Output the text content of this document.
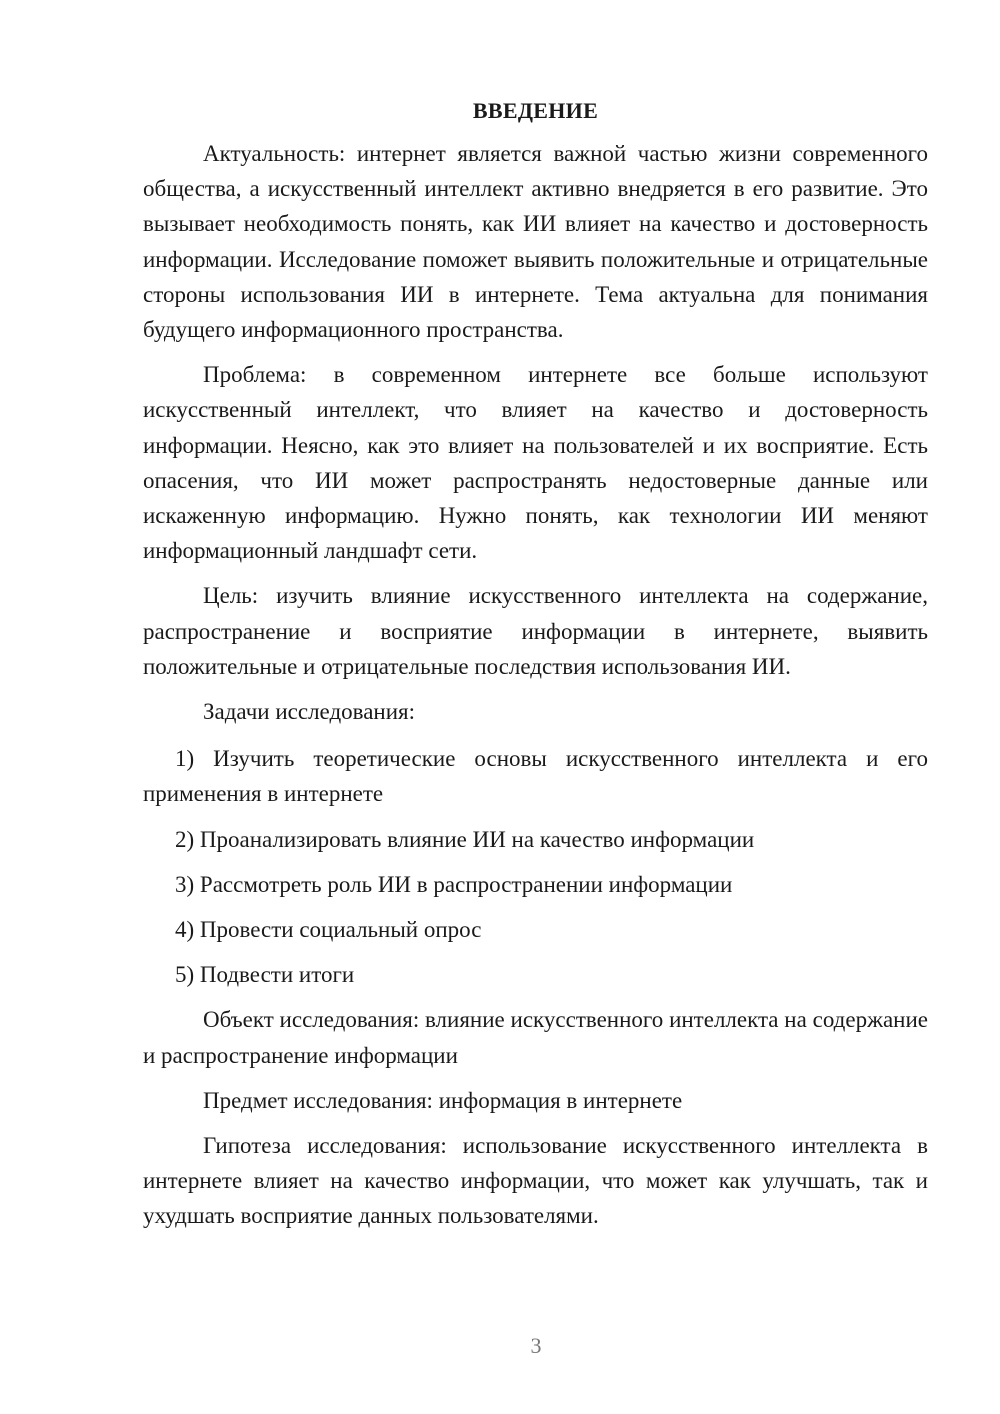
ВВЕДЕНИЕ

Актуальность: интернет является важной частью жизни современного общества, а искусственный интеллект активно внедряется в его развитие. Это вызывает необходимость понять, как ИИ влияет на качество и достоверность информации. Исследование поможет выявить положительные и отрицательные стороны использования ИИ в интернете. Тема актуальна для понимания будущего информационного пространства.

Проблема: в современном интернете все больше используют искусственный интеллект, что влияет на качество и достоверность информации. Неясно, как это влияет на пользователей и их восприятие. Есть опасения, что ИИ может распространять недостоверные данные или искаженную информацию. Нужно понять, как технологии ИИ меняют информационный ландшафт сети.

Цель: изучить влияние искусственного интеллекта на содержание, распространение и восприятие информации в интернете, выявить положительные и отрицательные последствия использования ИИ.

Задачи исследования:

1) Изучить теоретические основы искусственного интеллекта и его применения в интернете

2) Проанализировать влияние ИИ на качество информации

3) Рассмотреть роль ИИ в распространении информации

4) Провести социальный опрос

5) Подвести итоги

Объект исследования: влияние искусственного интеллекта на содержание и распространение информации

Предмет исследования: информация в интернете

Гипотеза исследования: использование искусственного интеллекта в интернете влияет на качество информации, что может как улучшать, так и ухудшать восприятие данных пользователями.

3
